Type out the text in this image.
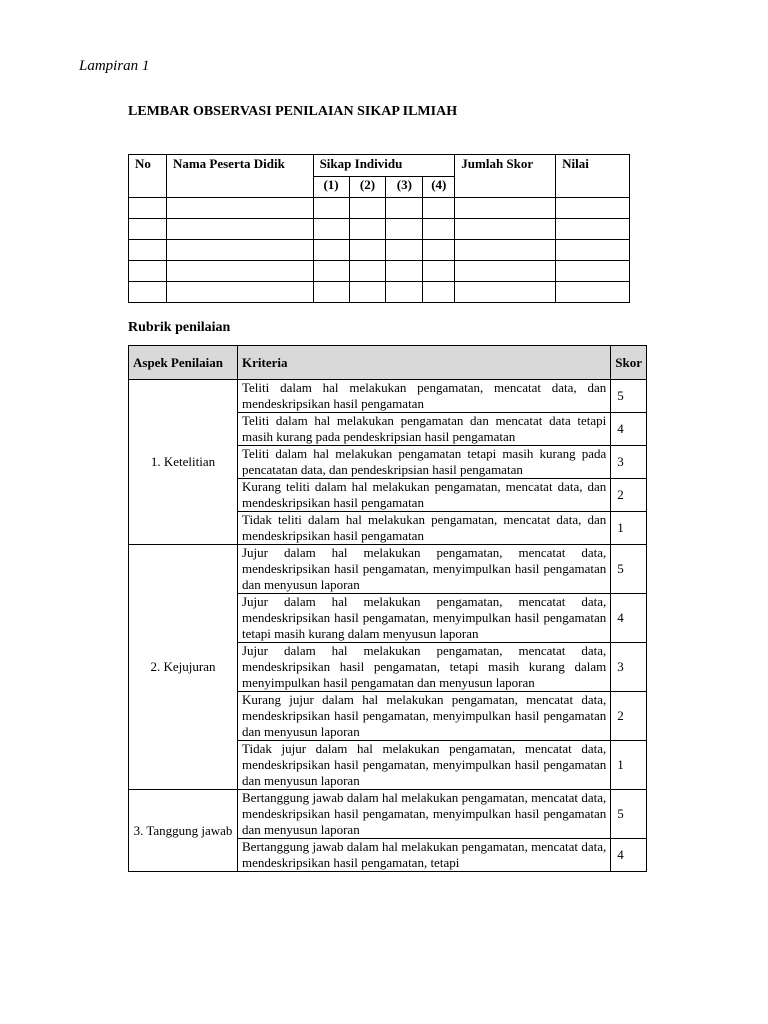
Lampiran 1
LEMBAR OBSERVASI PENILAIAN SIKAP ILMIAH
No	Nama Peserta Didik	Sikap Individu				Jumlah Skor	Nilai
		(1)	(2)	(3)	(4)		

Rubrik penilaian
Aspek Penilaian	Kriteria	Skor
1. Ketelitian	Teliti dalam hal melakukan pengamatan, mencatat data, dan mendeskripsikan hasil pengamatan	5
	Teliti dalam hal melakukan pengamatan dan mencatat data tetapi masih kurang pada pendeskripsian hasil pengamatan	4
	Teliti dalam hal melakukan pengamatan tetapi masih kurang pada pencatatan data, dan pendeskripsian hasil pengamatan	3
	Kurang teliti dalam hal melakukan pengamatan, mencatat data, dan mendeskripsikan hasil pengamatan	2
	Tidak teliti dalam hal melakukan pengamatan, mencatat data, dan mendeskripsikan hasil pengamatan	1
2. Kejujuran	Jujur dalam hal melakukan pengamatan, mencatat data, mendeskripsikan hasil pengamatan, menyimpulkan hasil pengamatan dan menyusun laporan	5
	Jujur dalam hal melakukan pengamatan, mencatat data, mendeskripsikan hasil pengamatan, menyimpulkan hasil pengamatan tetapi masih kurang dalam menyusun laporan	4
	Jujur dalam hal melakukan pengamatan, mencatat data, mendeskripsikan hasil pengamatan, tetapi masih kurang dalam menyimpulkan hasil pengamatan dan menyusun laporan	3
	Kurang jujur dalam hal melakukan pengamatan, mencatat data, mendeskripsikan hasil pengamatan, menyimpulkan hasil pengamatan dan menyusun laporan	2
	Tidak jujur dalam hal melakukan pengamatan, mencatat data, mendeskripsikan hasil pengamatan, menyimpulkan hasil pengamatan dan menyusun laporan	1
3. Tanggung jawab	Bertanggung jawab dalam hal melakukan pengamatan, mencatat data, mendeskripsikan hasil pengamatan, menyimpulkan hasil pengamatan dan menyusun laporan	5
	Bertanggung jawab dalam hal melakukan pengamatan, mencatat data, mendeskripsikan hasil pengamatan, tetapi	4
